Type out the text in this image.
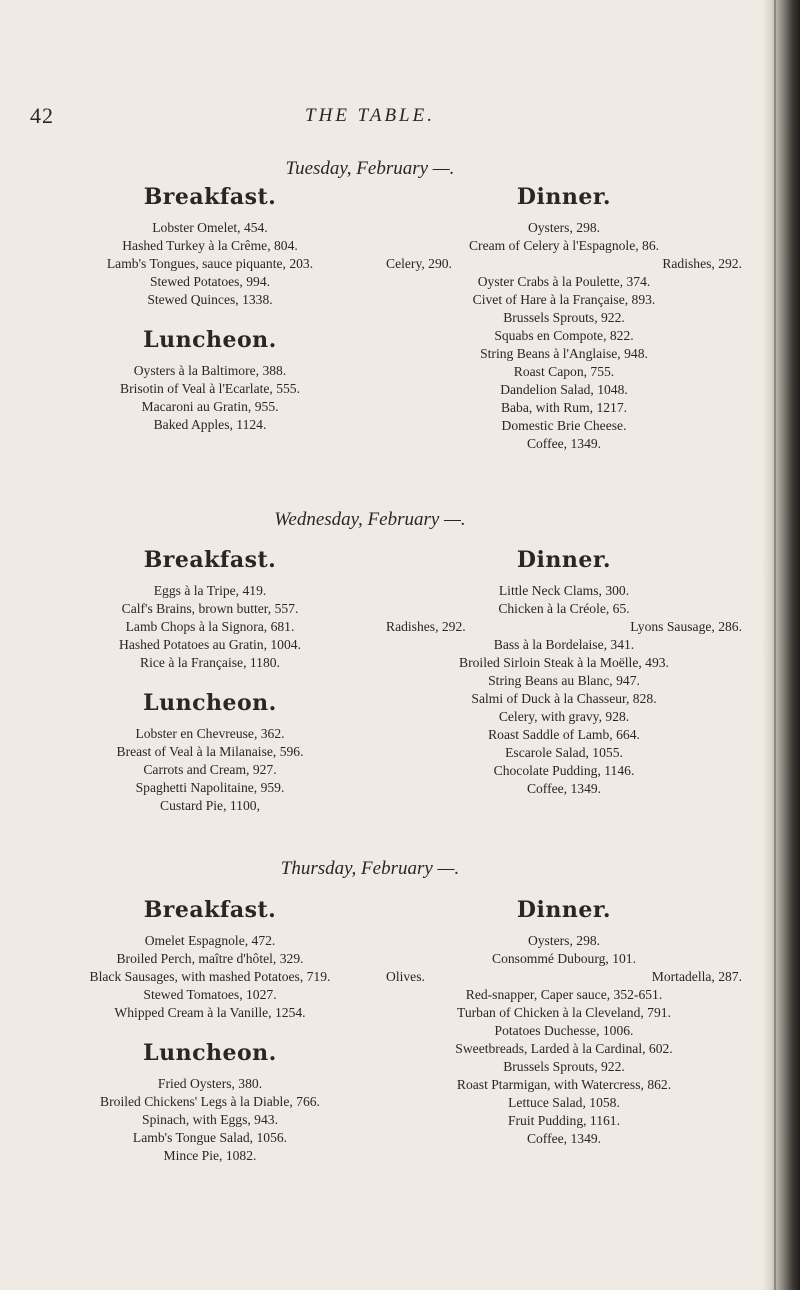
42	THE TABLE.
Tuesday, February —.
Breakfast.
Lobster Omelet, 454.
Hashed Turkey à la Crême, 804.
Lamb's Tongues, sauce piquante, 203.
Stewed Potatoes, 994.
Stewed Quinces, 1338.
Luncheon.
Oysters à la Baltimore, 388.
Brisotin of Veal à l'Ecarlate, 555.
Macaroni au Gratin, 955.
Baked Apples, 1124.
Dinner.
Oysters, 298.
Cream of Celery à l'Espagnole, 86.
Celery, 290.	Radishes, 292.
Oyster Crabs à la Poulette, 374.
Civet of Hare à la Française, 893.
Brussels Sprouts, 922.
Squabs en Compote, 822.
String Beans à l'Anglaise, 948.
Roast Capon, 755.
Dandelion Salad, 1048.
Baba, with Rum, 1217.
Domestic Brie Cheese.
Coffee, 1349.
Wednesday, February —.
Breakfast.
Eggs à la Tripe, 419.
Calf's Brains, brown butter, 557.
Lamb Chops à la Signora, 681.
Hashed Potatoes au Gratin, 1004.
Rice à la Française, 1180.
Luncheon.
Lobster en Chevreuse, 362.
Breast of Veal à la Milanaise, 596.
Carrots and Cream, 927.
Spaghetti Napolitaine, 959.
Custard Pie, 1100,
Dinner.
Little Neck Clams, 300.
Chicken à la Créole, 65.
Radishes, 292.	Lyons Sausage, 286.
Bass à la Bordelaise, 341.
Broiled Sirloin Steak à la Moëlle, 493.
String Beans au Blanc, 947.
Salmi of Duck à la Chasseur, 828.
Celery, with gravy, 928.
Roast Saddle of Lamb, 664.
Escarole Salad, 1055.
Chocolate Pudding, 1146.
Coffee, 1349.
Thursday, February —.
Breakfast.
Omelet Espagnole, 472.
Broiled Perch, maître d'hôtel, 329.
Black Sausages, with mashed Potatoes, 719.
Stewed Tomatoes, 1027.
Whipped Cream à la Vanille, 1254.
Luncheon.
Fried Oysters, 380.
Broiled Chickens' Legs à la Diable, 766.
Spinach, with Eggs, 943.
Lamb's Tongue Salad, 1056.
Mince Pie, 1082.
Dinner.
Oysters, 298.
Consommé Dubourg, 101.
Olives.	Mortadella, 287.
Red-snapper, Caper sauce, 352-651.
Turban of Chicken à la Cleveland, 791.
Potatoes Duchesse, 1006.
Sweetbreads, Larded à la Cardinal, 602.
Brussels Sprouts, 922.
Roast Ptarmigan, with Watercress, 862.
Lettuce Salad, 1058.
Fruit Pudding, 1161.
Coffee, 1349.
